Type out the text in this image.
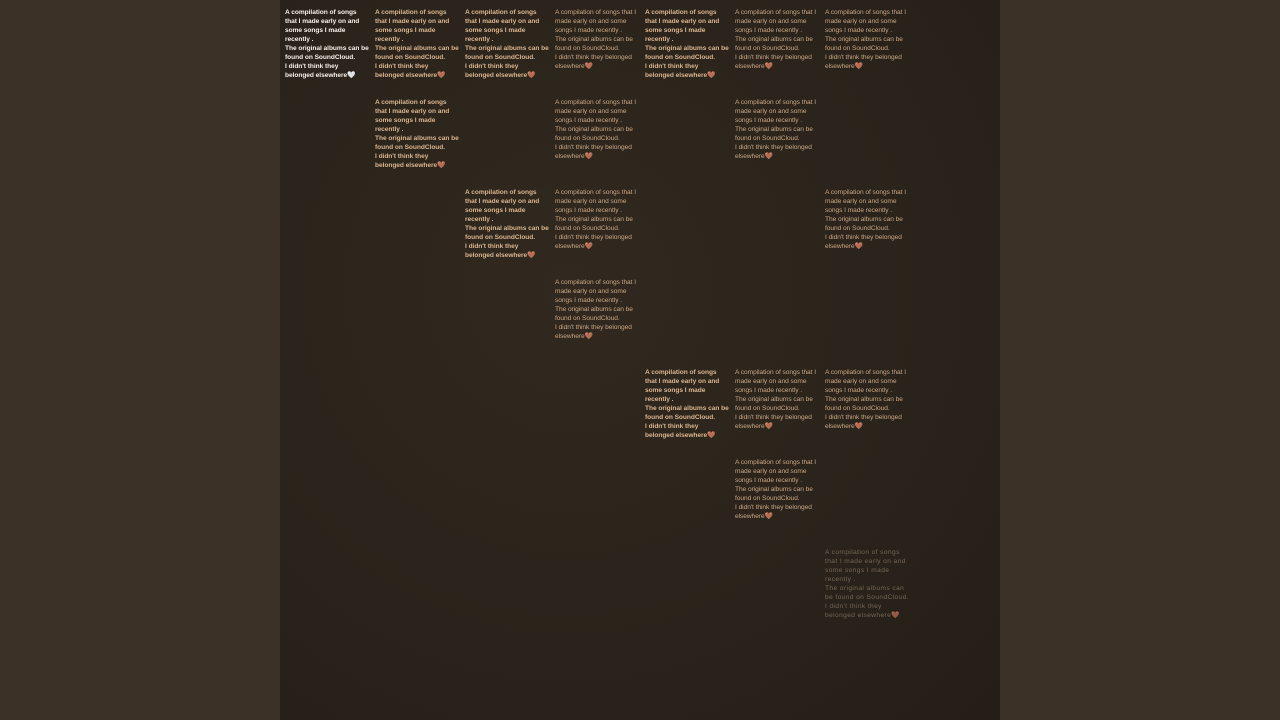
A compilation of songs that I made early on and some songs I made recently .
The original albums can be found on SoundCloud.
I didn't think they belonged elsewhere🤍
A compilation of songs that I made early on and some songs I made recently .
The original albums can be found on SoundCloud.
I didn't think they belonged elsewhere🤎
A compilation of songs that I made early on and some songs I made recently .
The original albums can be found on SoundCloud.
I didn't think they belonged elsewhere🤎
A compilation of songs that I made early on and some songs I made recently .
The original albums can be found on SoundCloud.
I didn't think they belonged elsewhere🤎
A compilation of songs that I made early on and some songs I made recently .
The original albums can be found on SoundCloud.
I didn't think they belonged elsewhere🤎
A compilation of songs that I made early on and some songs I made recently .
The original albums can be found on SoundCloud.
I didn't think they belonged elsewhere🤎
A compilation of songs that I made early on and some songs I made recently .
The original albums can be found on SoundCloud.
I didn't think they belonged elsewhere🤎
A compilation of songs that I made early on and some songs I made recently .
The original albums can be found on SoundCloud.
I didn't think they belonged elsewhere🤎
A compilation of songs that I made early on and some songs I made recently .
The original albums can be found on SoundCloud.
I didn't think they belonged elsewhere🤎
A compilation of songs that I made early on and some songs I made recently .
The original albums can be found on SoundCloud.
I didn't think they belonged elsewhere🤎
A compilation of songs that I made early on and some songs I made recently .
The original albums can be found on SoundCloud.
I didn't think they belonged elsewhere🤎
A compilation of songs that I made early on and some songs I made recently .
The original albums can be found on SoundCloud.
I didn't think they belonged elsewhere🤎
A compilation of songs that I made early on and some songs I made recently .
The original albums can be found on SoundCloud.
I didn't think they belonged elsewhere🤎
A compilation of songs that I made early on and some songs I made recently .
The original albums can be found on SoundCloud.
I didn't think they belonged elsewhere🤎
A compilation of songs that I made early on and some songs I made recently .
The original albums can be found on SoundCloud.
I didn't think they belonged elsewhere🤎
A compilation of songs that I made early on and some songs I made recently .
The original albums can be found on SoundCloud.
I didn't think they belonged elsewhere🤎
A compilation of songs that I made early on and some songs I made recently .
The original albums can be found on SoundCloud.
I didn't think they belonged elsewhere🤎
A compilation of songs that I made early on and some songs I made recently .
The original albums can be found on SoundCloud.
I didn't think they belonged elsewhere🤎
A compilation of songs that I made early on and some songs I made recently .
The original albums can be found on SoundCloud.
I didn't think they belonged elsewhere🤎
